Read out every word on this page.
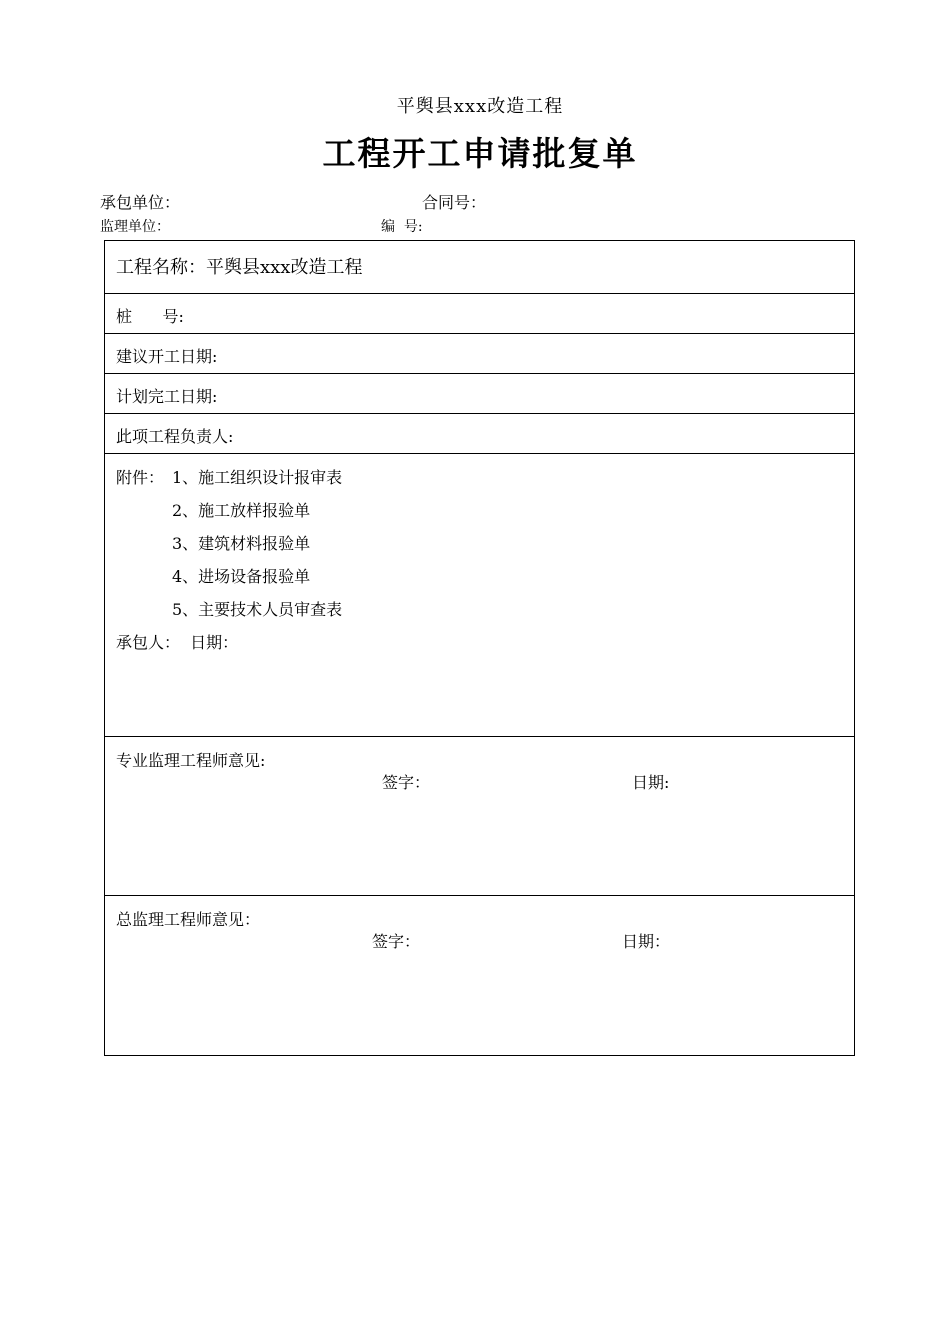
平舆县xxx改造工程
工程开工申请批复单
承包单位：	合同号：
监理单位：	编  号:
工程名称：平舆县xxx改造工程
桩      号:
建议开工日期:
计划完工日期:
此项工程负责人:
附件： 1、施工组织设计报审表
2、施工放样报验单
3、建筑材料报验单
4、进场设备报验单
5、主要技术人员审查表
承包人：  日期：
专业监理工程师意见:
签字：	日期:
总监理工程师意见：
签字：	日期：
